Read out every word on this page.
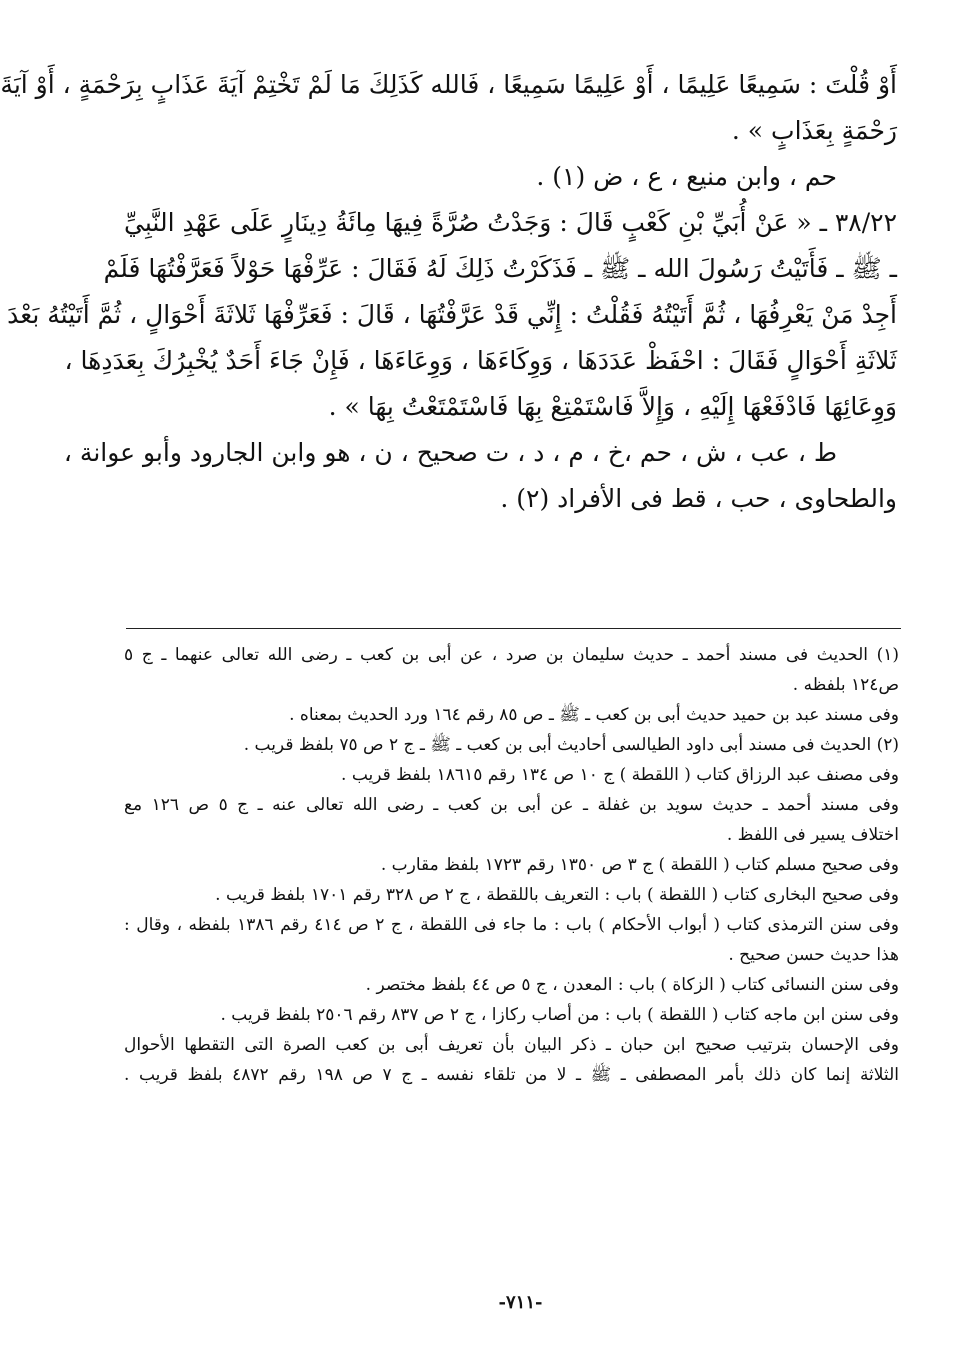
أَوْ قُلْتَ : سَمِيعًا عَلِيمًا ، أَوْ عَلِيمًا سَمِيعًا ، فَالله كَذَلِكَ مَا لَمْ تَخْتِمْ آيَةَ عَذَابٍ بِرَحْمَةٍ ، أَوْ آيَةَ
رَحْمَةٍ بِعَذَابٍ » .
حم ، وابن منيع ، ع ، ض (١) .
٣٨/٢٢ ـ « عَنْ أُبَيِّ بْنِ كَعْبٍ قَالَ : وَجَدْتُ صُرَّةً فِيهَا مِائَةُ دِينَارٍ عَلَى عَهْدِ النَّبِيِّ
ـ ﷺ ـ فَأَتَيْتُ رَسُولَ الله ـ ﷺ ـ فَذَكَرْتُ ذَلِكَ لَهُ فَقَالَ : عَرِّفْهَا حَوْلاً فَعَرَّفْتُهَا فَلَمْ
أَجِدْ مَنْ يَعْرِفُهَا ، ثُمَّ أَتَيْتُهُ فَقُلْتُ : إِنِّي قَدْ عَرَّفْتُهَا ، قَالَ : فَعَرِّفْهَا ثَلاثَةَ أَحْوَالٍ ، ثُمَّ أَتَيْتُهُ بَعْدَ
ثَلاثَةِ أَحْوَالٍ فَقَالَ : احْفَظْ عَدَدَهَا ، وَوِكَاءَهَا ، وَوِعَاءَهَا ، فَإِنْ جَاءَ أَحَدٌ يُخْبِرُكَ بِعَدَدِهَا ،
وَوِعَائِهَا فَادْفَعْهَا إِلَيْهِ ، وَإِلاَّ فَاسْتَمْتِعْ بِهَا فَاسْتَمْتَعْتُ بِهَا » .
ط ، عب ، ش ، حم ،خ ، م ، د ، ت صحيح ، ن ، هو وابن الجارود وأبو عوانة ،
والطحاوى ، حب ، قط فى الأفراد (٢) .
(١) الحديث فى مسند أحمد ـ حديث سليمان بن صرد ، عن أبى بن كعب ـ رضى الله تعالى عنهما ـ ج ٥
ص١٢٤ بلفظه .
وفى مسند عبد بن حميد حديث أبى بن كعب ـ ﷺ ـ ص ٨٥ رقم ١٦٤ ورد الحديث بمعناه .
(٢) الحديث فى مسند أبى داود الطيالسى أحاديث أبى بن كعب ـ ﷺ ـ ج ٢ ص ٧٥ بلفظ قريب .
وفى مصنف عبد الرزاق كتاب ( اللقطة ) ج ١٠ ص ١٣٤ رقم ١٨٦١٥ بلفظ قريب .
وفى مسند أحمد ـ حديث سويد بن غفلة ـ عن أبى بن كعب ـ رضى الله تعالى عنه ـ ج ٥ ص ١٢٦ مع
اختلاف يسير فى اللفظ .
وفى صحيح مسلم كتاب ( اللقطة ) ج ٣ ص ١٣٥٠ رقم ١٧٢٣ بلفظ مقارب .
وفى صحيح البخارى كتاب ( اللقطة ) باب : التعريف باللقطة ، ج ٢ ص ٣٢٨ رقم ١٧٠١ بلفظ قريب .
وفى سنن الترمذى كتاب ( أبواب الأحكام ) باب : ما جاء فى اللقطة ، ج ٢ ص ٤١٤ رقم ١٣٨٦ بلفظه ، وقال :
هذا حديث حسن صحيح .
وفى سنن النسائى كتاب ( الزكاة ) باب : المعدن ، ج ٥ ص ٤٤ بلفظ مختصر .
وفى سنن ابن ماجه كتاب ( اللقطة ) باب : من أصاب ركازا ، ج ٢ ص ٨٣٧ رقم ٢٥٠٦ بلفظ قريب .
وفى الإحسان بترتيب صحيح ابن حبان ـ ذكر البيان بأن تعريف أبى بن كعب الصرة التى التقطها الأحوال
الثلاثة إنما كان ذلك بأمر المصطفى ـ ﷺ ـ لا من تلقاء نفسه ـ ج ٧ ص ١٩٨ رقم ٤٨٧٢ بلفظ قريب .
-٧١١-
